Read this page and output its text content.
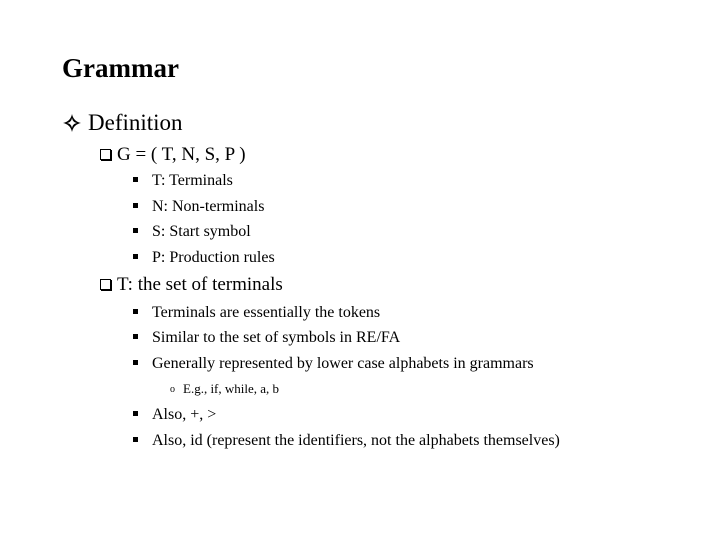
Grammar
Definition
G = ( T, N, S, P )
T: Terminals
N: Non-terminals
S: Start symbol
P: Production rules
T: the set of terminals
Terminals are essentially the tokens
Similar to the set of symbols in RE/FA
Generally represented by lower case alphabets in grammars
o E.g., if, while, a, b
Also, +, >
Also, id (represent the identifiers, not the alphabets themselves)
